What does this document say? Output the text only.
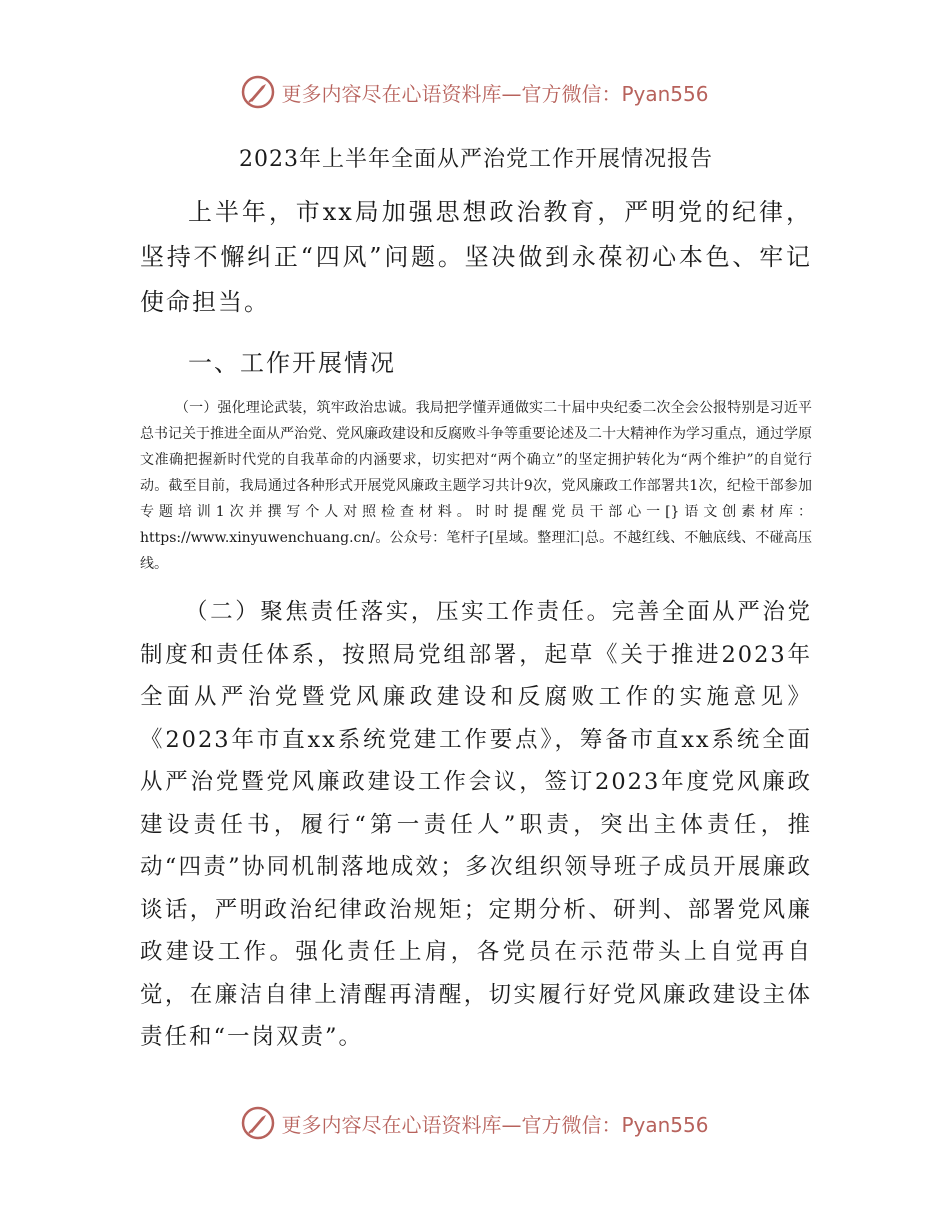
更多内容尽在心语资料库—官方微信：Pyan556
2023年上半年全面从严治党工作开展情况报告

上半年，市xx局加强思想政治教育，严明党的纪律，坚持不懈纠正“四风”问题。坚决做到永葆初心本色、牢记使命担当。

一、工作开展情况

（一）强化理论武装，筑牢政治忠诚。我局把学懂弄通做实二十届中央纪委二次全会公报特别是习近平总书记关于推进全面从严治党、党风廉政建设和反腐败斗争等重要论述及二十大精神作为学习重点，通过学原文准确把握新时代党的自我革命的内涵要求，切实把对“两个确立”的坚定拥护转化为“两个维护”的自觉行动。截至目前，我局通过各种形式开展党风廉政主题学习共计9次，党风廉政工作部署共1次，纪检干部参加专题培训1次并撰写个人对照检查材料。时时提醒党员干部心一[}语文创素材库：https://www.xinyuwenchuang.cn/。公众号：笔杆子[星域。整理汇|总。不越红线、不触底线、不碰高压线。

（二）聚焦责任落实，压实工作责任。完善全面从严治党制度和责任体系，按照局党组部署，起草《关于推进2023年全面从严治党暨党风廉政建设和反腐败工作的实施意见》《2023年市直xx系统党建工作要点》，筹备市直xx系统全面从严治党暨党风廉政建设工作会议，签订2023年度党风廉政建设责任书，履行“第一责任人”职责，突出主体责任，推动“四责”协同机制落地成效；多次组织领导班子成员开展廉政谈话，严明政治纪律政治规矩；定期分析、研判、部署党风廉政建设工作。强化责任上肩，各党员在示范带头上自觉再自觉，在廉洁自律上清醒再清醒，切实履行好党风廉政建设主体责任和“一岗双责”。

更多内容尽在心语资料库—官方微信：Pyan556
